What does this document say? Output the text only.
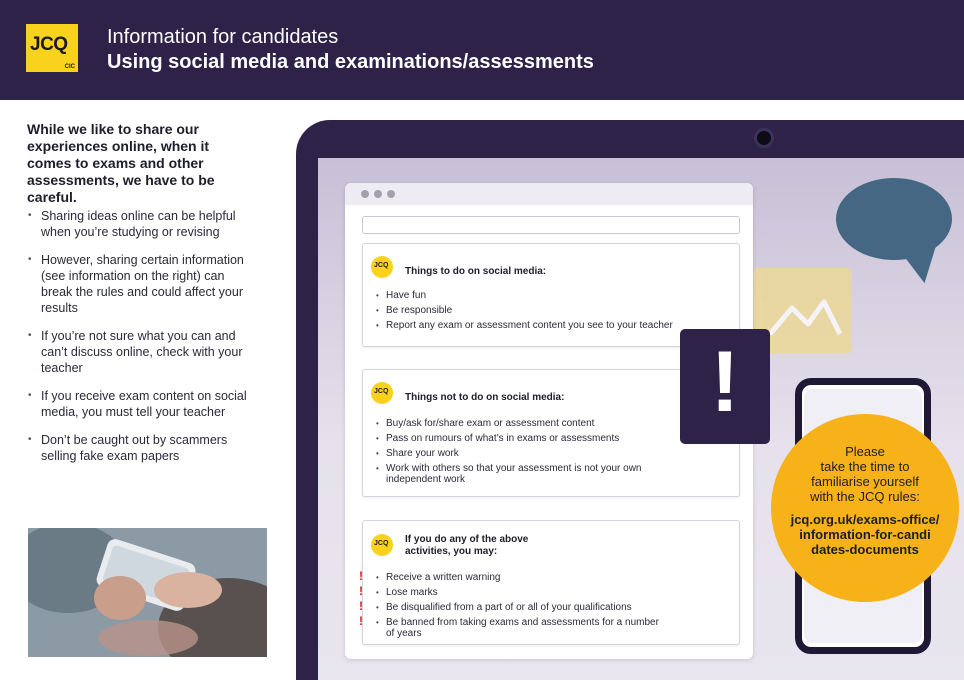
JCQ
CIC
Information for candidates
Using social media and examinations/assessments
While we like to share our experiences online, when it comes to exams and other assessments, we have to be careful.
• Sharing ideas online can be helpful when you’re studying or revising
• However, sharing certain information (see information on the right) can break the rules and could affect your results
• If you’re not sure what you can and can’t discuss online, check with your teacher
• If you receive exam content on social media, you must tell your teacher
• Don’t be caught out by scammers selling fake exam papers
JCQ
Things to do on social media:
• Have fun
• Be responsible
• Report any exam or assessment content you see to your teacher
JCQ
Things not to do on social media:
• Buy/ask for/share exam or assessment content
• Pass on rumours of what’s in exams or assessments
• Share your work
• Work with others so that your assessment is not your own independent work
JCQ If you do any of the above activities, you may:
• ! Receive a written warning
• ! Lose marks
• ! Be disqualified from a part of or all of your qualifications
• ! Be banned from taking exams and assessments for a number of years
!
Please
take the time to
familiarise yourself
with the JCQ rules:
jcq.org.uk/exams-office/
information-for-candi
dates-documents
